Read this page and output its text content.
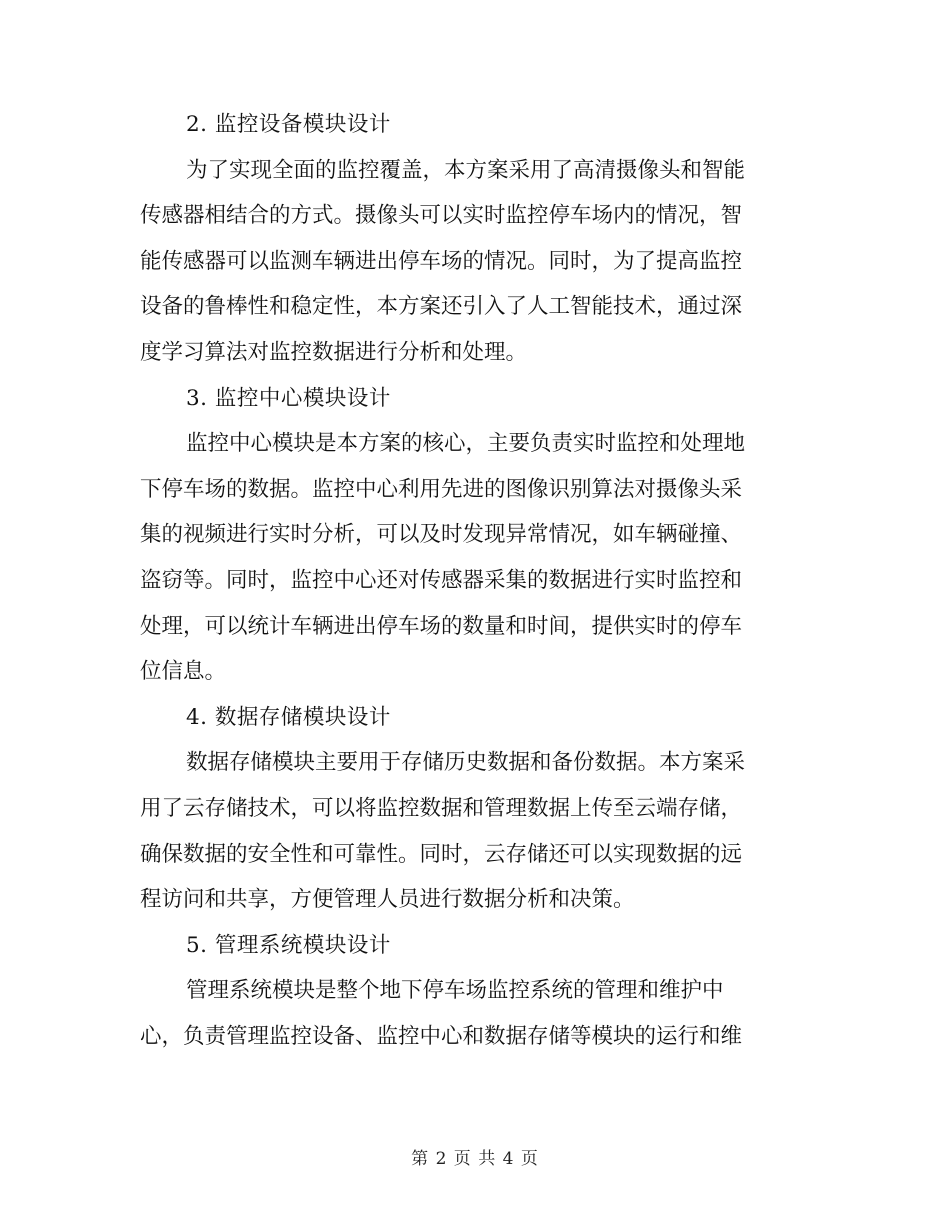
2. 监控设备模块设计
为了实现全面的监控覆盖，本方案采用了高清摄像头和智能
传感器相结合的方式。摄像头可以实时监控停车场内的情况，智
能传感器可以监测车辆进出停车场的情况。同时，为了提高监控
设备的鲁棒性和稳定性，本方案还引入了人工智能技术，通过深
度学习算法对监控数据进行分析和处理。
3. 监控中心模块设计
监控中心模块是本方案的核心，主要负责实时监控和处理地
下停车场的数据。监控中心利用先进的图像识别算法对摄像头采
集的视频进行实时分析，可以及时发现异常情况，如车辆碰撞、
盗窃等。同时，监控中心还对传感器采集的数据进行实时监控和
处理，可以统计车辆进出停车场的数量和时间，提供实时的停车
位信息。
4. 数据存储模块设计
数据存储模块主要用于存储历史数据和备份数据。本方案采
用了云存储技术，可以将监控数据和管理数据上传至云端存储，
确保数据的安全性和可靠性。同时，云存储还可以实现数据的远
程访问和共享，方便管理人员进行数据分析和决策。
5. 管理系统模块设计
管理系统模块是整个地下停车场监控系统的管理和维护中
心，负责管理监控设备、监控中心和数据存储等模块的运行和维
第 2 页 共 4 页
